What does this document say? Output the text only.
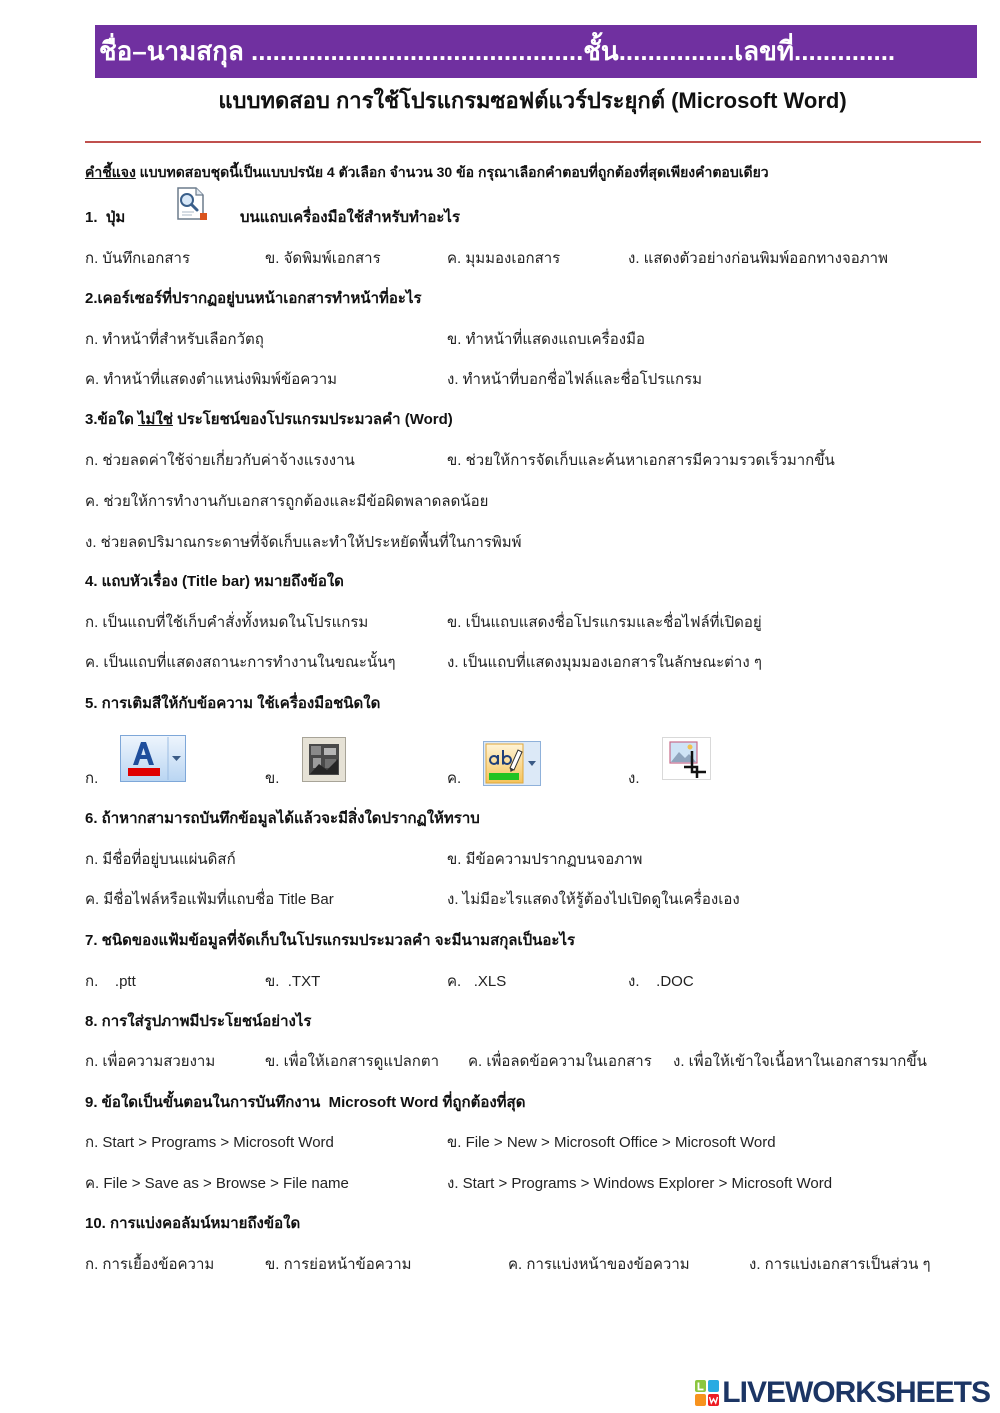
ชื่อ–นามสกุล ..............................................ชั้น................เลขที่..............
แบบทดสอบ การใช้โปรแกรมซอฟต์แวร์ประยุกต์ (Microsoft Word)
คำชี้แจง แบบทดสอบชุดนี้เป็นแบบปรนัย 4 ตัวเลือก จำนวน 30 ข้อ กรุณาเลือกคำตอบที่ถูกต้องที่สุดเพียงคำตอบเดียว
1.  ปุ่ม	บนแถบเครื่องมือใช้สำหรับทำอะไร
ก. บันทึกเอกสาร	ข. จัดพิมพ์เอกสาร	ค. มุมมองเอกสาร	ง. แสดงตัวอย่างก่อนพิมพ์ออกทางจอภาพ
2.เคอร์เซอร์ที่ปรากฏอยู่บนหน้าเอกสารทำหน้าที่อะไร
ก. ทำหน้าที่สำหรับเลือกวัตถุ	ข. ทำหน้าที่แสดงแถบเครื่องมือ
ค. ทำหน้าที่แสดงตำแหน่งพิมพ์ข้อความ	ง. ทำหน้าที่บอกชื่อไฟล์และชื่อโปรแกรม
3.ข้อใด ไม่ใช่ ประโยชน์ของโปรแกรมประมวลคำ (Word)
ก. ช่วยลดค่าใช้จ่ายเกี่ยวกับค่าจ้างแรงงาน	ข. ช่วยให้การจัดเก็บและค้นหาเอกสารมีความรวดเร็วมากขึ้น
ค. ช่วยให้การทำงานกับเอกสารถูกต้องและมีข้อผิดพลาดลดน้อย
ง. ช่วยลดปริมาณกระดาษที่จัดเก็บและทำให้ประหยัดพื้นที่ในการพิมพ์
4. แถบหัวเรื่อง (Title bar) หมายถึงข้อใด
ก. เป็นแถบที่ใช้เก็บคำสั่งทั้งหมดในโปรแกรม	ข. เป็นแถบแสดงชื่อโปรแกรมและชื่อไฟล์ที่เปิดอยู่
ค. เป็นแถบที่แสดงสถานะการทำงานในขณะนั้นๆ	ง. เป็นแถบที่แสดงมุมมองเอกสารในลักษณะต่าง ๆ
5. การเติมสีให้กับข้อความ ใช้เครื่องมือชนิดใด
ก.	ข.	ค.	ง.
6. ถ้าหากสามารถบันทึกข้อมูลได้แล้วจะมีสิ่งใดปรากฏให้ทราบ
ก. มีชื่อที่อยู่บนแผ่นดิสก์	ข. มีข้อความปรากฏบนจอภาพ
ค. มีชื่อไฟล์หรือแฟ้มที่แถบชื่อ Title Bar	ง. ไม่มีอะไรแสดงให้รู้ต้องไปเปิดดูในเครื่องเอง
7. ชนิดของแฟ้มข้อมูลที่จัดเก็บในโปรแกรมประมวลคำ จะมีนามสกุลเป็นอะไร
ก.    .ptt	ข.  .TXT	ค.   .XLS	ง.    .DOC
8. การใส่รูปภาพมีประโยชน์อย่างไร
ก. เพื่อความสวยงาม	ข. เพื่อให้เอกสารดูแปลกตา ค. เพื่อลดข้อความในเอกสาร ง. เพื่อให้เข้าใจเนื้อหาในเอกสารมากขึ้น
9. ข้อใดเป็นขั้นตอนในการบันทึกงาน  Microsoft Word ที่ถูกต้องที่สุด
ก. Start > Programs > Microsoft Word	ข. File > New > Microsoft Office > Microsoft Word
ค. File > Save as > Browse > File name	ง. Start > Programs > Windows Explorer > Microsoft Word
10. การแบ่งคอลัมน์หมายถึงข้อใด
ก. การเยื้องข้อความ	ข. การย่อหน้าข้อความ	ค. การแบ่งหน้าของข้อความ	ง. การแบ่งเอกสารเป็นส่วน ๆ
LIVEWORKSHEETS
